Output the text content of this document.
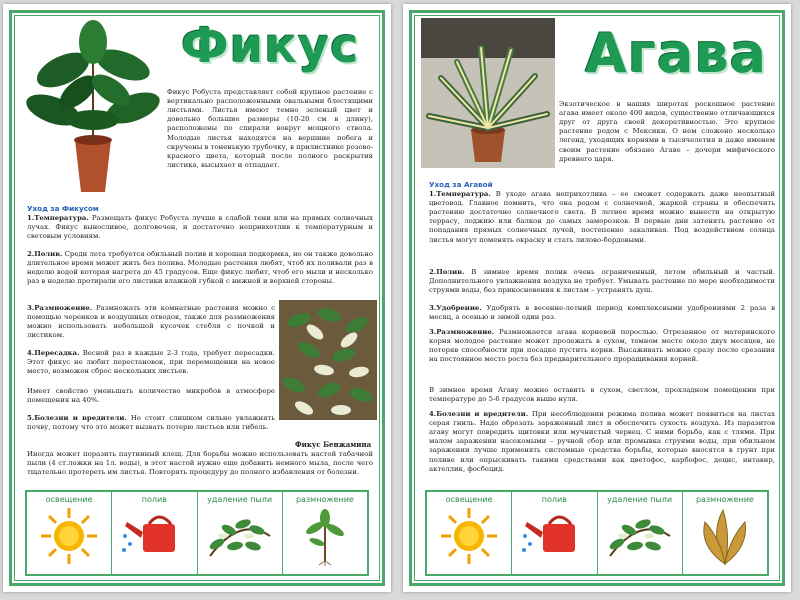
Фикус

Фикус Робуста представляет собой крупное растение с вертикально расположенными овальными блестящими листьями. Листья имеют темно зеленый цвет и довольно большие размеры (10-20 см в длину), расположены по спирали вокруг мощного ствола. Молодые листья находятся на вершине побега и скручены в тоненькую трубочку, в прилистнике розово-красного цвета, который после полного раскрытия листика, высыхает и отпадает.

Уход за Фикусом

1.Температура. Размещать фикус Робуста лучше в слабой тени или на прямых солнечных лучах. Фикус выносливое, долговечен, и достаточно непривхотлив к температурным и световым условиям.

2.Полив. Среди лета требуется обильный полив и хорошая подкормка, но он также довольно длительное время может жить без полива. Молодые растения любят, чтоб их поливали раз в неделю водой которая нагрета до 45 градусов. Еще фикус любит, чтоб его мыли и несколько раз в неделю протирали его листики влажной губкой с нижней и верхней стороны.

3.Размножение. Размножать эти комнатные растения можно с помощью черенков и воздушных отводок, также для размножения можно использовать небольшой кусочек стебля с почкой и листиком.

4.Пересадка. Весной раз в каждые 2-3 года, требует пересадки. Этот фикус не любит перестановок, при перемещении на новое место, возможен сброс нескольких листьев.

Имеет свойство уменьшать количество микробов в атмосфере помещения на 40%.

5.Болезни и вредители. Не стоит слишком сильно увлажнять почву, потому что это может вызвать потерю листьев или гибель.

Фикус Бенжамина

Иногда может поразить паутинный клещ. Для борьбы можно использовать настой табачной пыли (4 ст.ложки на 1л. воды), в этот настой нужно еще добавить немного мыла, после чего тщательно протереть им листья. Повторять процедуру до полного избавления от болезни.

освещение	полив	удаление пыли	размножение
Агава

Экзотическое в наших широтах роскошное растение агава имеет около 400 видов, существенно отличающихся друг от друга своей декоративностью. Это крупное растение родом с Мексики. О нем сложено несколько легенд, уходящих корнями в тысячелетия и даже именем своим растение обязано Агаве – дочери мифического древнего царя.

Уход за Агавой

1.Температура. В уходе агава неприхотлива – ее сможет содержать даже неопытный цветовод. Главное помнить, что она родом с солнечной, жаркой страны и обеспечить растению достаточно солнечного света. В летнее время можно вынести на открытую террасу, лоджию или балкон до самых заморозков. В первые дни затенять растение от попадания прямых солнечных лучей, постепенно закаливая. Под воздействием солнца листья могут поменять окраску и стать лилово-бордовыми.

2.Полив. В зимнее время полив очень ограниченный, летом обильный и частый. Дополнительного увлажнения воздуха не требует. Умывать растение по мере необходимости струями воды, без прикосновения к листам – устранять душ.

3.Удобрение. Удобрять в весенне-летний период комплексными удобрениями 2 раза в месяц, а осенью и зимой один раз.

3.Размножение. Размножается агава корневой порослью. Отрезанное от материнского корня молодое растение может пролежать в сухом, темном месте около двух месяцев, не потеряв способности при посадке пустить корни. Высаживать можно сразу после срезания на постоянное место роста без предварительного проращивания корней.

В зимнее время Агаву можно оставить в сухом, светлом, прохладном помещении при температуре до 5-6 градусов выше нуля.

4.Болезни и вредители. При несоблюдении режима полива может появиться на листах серая гниль. Надо обрезать зараженный лист и обеспечить сухость воздуха. Из паразитов агаву могут повредить щитовки или мучнистый червец. С ними борьба, как с тлями. При малом заражении насекомыми – ручной сбор или промывка струями воды, при обильном заражении лучше применять системные средства борьбы, которые вносятся в грунт при поливе или опрыскивать такими средствами как цветофос, карбофос, децис, интавир, актеллик, фосбецид.

освещение	полив	удаление пыли	размножение
